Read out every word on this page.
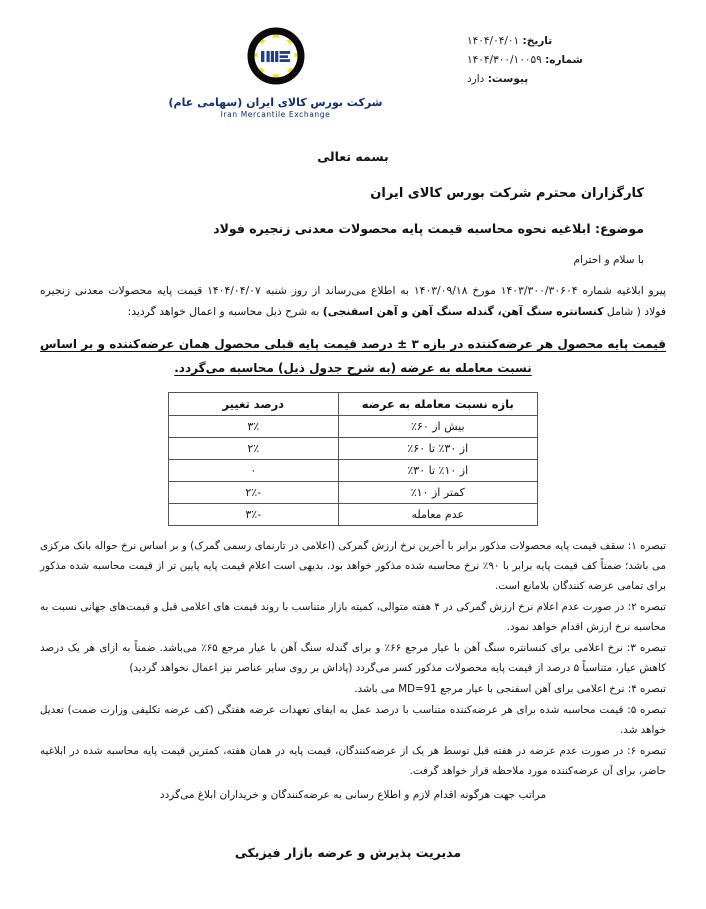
تاریخ: ۱۴۰۴/۰۴/۰۱
شماره: ۱۴۰۴/۳۰۰/۱۰۰۵۹
پیوست: دارد
شرکت بورس کالای ایران (سهامی عام)
Iran Mercantile Exchange
بسمه تعالی
کارگزاران محترم شرکت بورس کالای ایران
موضوع: ابلاغیه نحوه محاسبه قیمت پایه محصولات معدنی زنجیره فولاد
با سلام و احترام
پیرو ابلاغیه شماره ۱۴۰۳/۳۰۰/۳۰۶۰۴ مورخ ۱۴۰۳/۰۹/۱۸ به اطلاع می‌رساند از روز شنبه ۱۴۰۴/۰۴/۰۷ قیمت پایه محصولات معدنی زنجیره فولاد ( شامل کنسانتره سنگ آهن، گندله سنگ آهن و آهن اسفنجی) به شرح ذیل محاسبه و اعمال خواهد گردید:
قیمت پایه محصول هر عرضه‌کننده در بازه ۳ ± درصد قیمت پایه قبلی محصول همان عرضه‌کننده و بر اساس نسبت معامله به عرضه (به شرح جدول ذیل) محاسبه می‌گردد.
بازه نسبت معامله به عرضه	درصد تغییر
بیش از ۶۰٪	۳٪
از ۳۰٪ تا ۶۰٪	۲٪
از ۱۰٪ تا ۳۰٪	۰
کمتر از ۱۰٪	-۲٪
عدم معامله	-۳٪
تبصره ۱: سقف قیمت پایه محصولات مذکور برابر با آخرین نرخ ارزش گمرکی (اعلامی در تارنمای رسمی گمرک) و بر اساس نرخ حواله بانک مرکزی می باشد؛ ضمناً کف قیمت پایه برابر با ۹۰٪ نرخ محاسبه شده مذکور خواهد بود. بدیهی است اعلام قیمت پایه پایین تر از قیمت محاسبه شده مذکور برای تمامی عرضه کنندگان بلامانع است.
تبصره ۲: در صورت عدم اعلام نرخ ارزش گمرکی در ۴ هفته متوالی، کمیته بازار متناسب با روند قیمت های اعلامی قبل و قیمت‌های جهانی نسبت به محاسبه نرخ ارزش اقدام خواهد نمود.
تبصره ۳: نرخ اعلامی برای کنسانتره سنگ آهن با عیار مرجع ۶۶٪ و برای گندله سنگ آهن با عیار مرجع ۶۵٪ می‌باشد. ضمناً به ازای هر یک درصد کاهش عیار، متناسباً ۵ درصد از قیمت پایه محصولات مذکور کسر می‌گردد (پاداش بر روی سایر عناصر نیز اعمال نخواهد گردید)
تبصره ۴: نرخ اعلامی برای آهن اسفنجی با عیار مرجع MD=91 می باشد.
تبصره ۵: قیمت محاسبه شده برای هر عرضه‌کننده متناسب با درصد عمل به ایفای تعهدات عرضه هفتگی (کف عرضه تکلیفی وزارت صمت) تعدیل خواهد شد.
تبصره ۶: در صورت عدم عرضه در هفته قبل توسط هر یک از عرضه‌کنندگان، قیمت پایه در همان هفته، کمترین قیمت پایه محاسبه شده در ابلاغیه حاضر، برای آن عرضه‌کننده مورد ملاحظه قرار خواهد گرفت.
مراتب جهت هرگونه اقدام لازم و اطلاع رسانی به عرضه‌کنندگان و خریداران ابلاغ می‌گردد
مدیریت پذیرش و عرضه بازار فیزیکی
